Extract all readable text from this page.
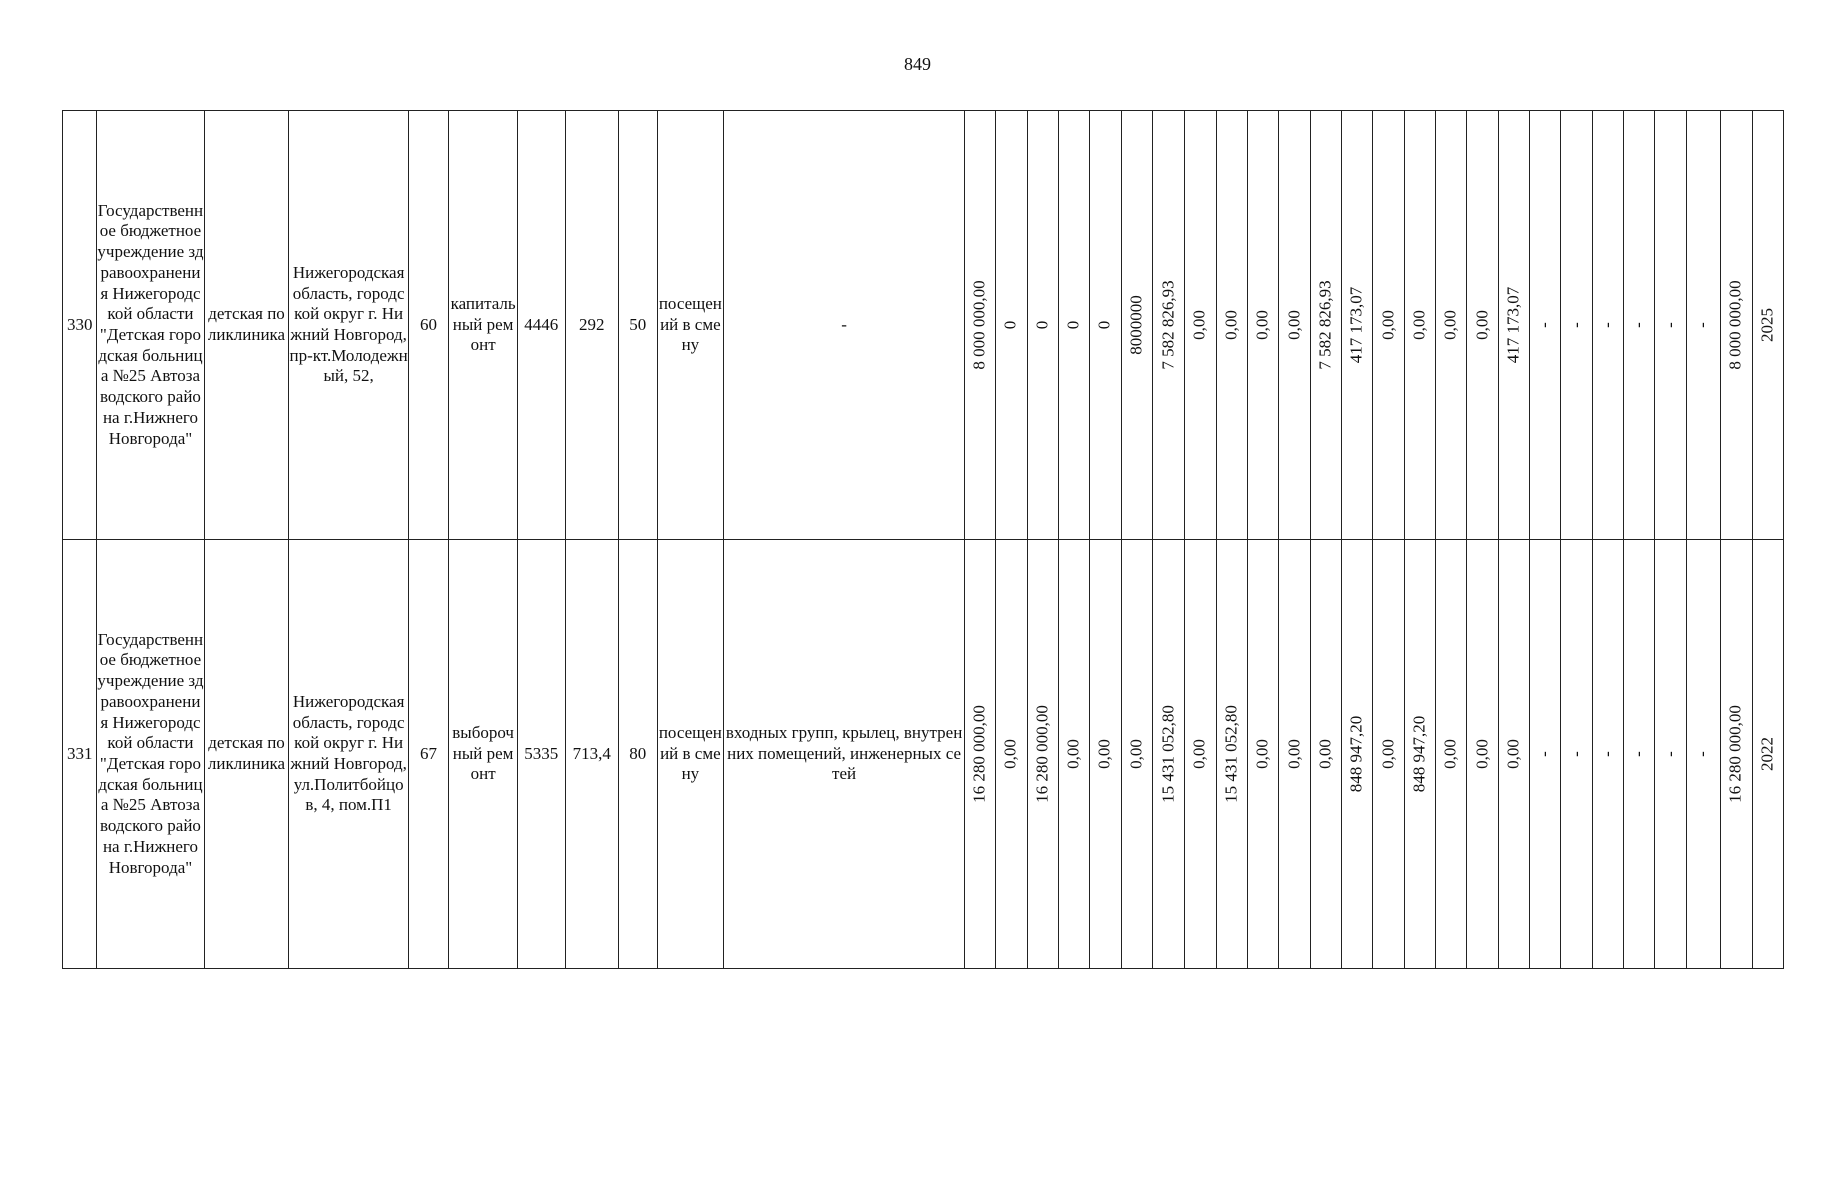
849
330	Государственное бюджетное учреждение здравоохранения Нижегородской области "Детская городская больница №25 Автозаводского района г.Нижнего Новгорода"	детская поликлиника	Нижегородская область, городской округ г. Нижний Новгород, пр-кт.Молодежный, 52,	60	капитальный ремонт	4446	292	50	посещений в смену	-	8 000 000,00	0	0	0	0	8000000	7 582 826,93	0,00	0,00	0,00	0,00	7 582 826,93	417 173,07	0,00	0,00	0,00	0,00	417 173,07	-	-	-	-	-	-	8 000 000,00	2025

331	Государственное бюджетное учреждение здравоохранения Нижегородской области "Детская городская больница №25 Автозаводского района г.Нижнего Новгорода"	детская поликлиника	Нижегородская область, городской округ г. Нижний Новгород, ул.Политбойцов, 4, пом.П1	67	выборочный ремонт	5335	713,4	80	посещений в смену	входных групп, крылец, внутренних помещений, инженерных сетей	16 280 000,00	0,00	16 280 000,00	0,00	0,00	0,00	15 431 052,80	0,00	15 431 052,80	0,00	0,00	0,00	848 947,20	0,00	848 947,20	0,00	0,00	0,00	-	-	-	-	-	-	16 280 000,00	2022
